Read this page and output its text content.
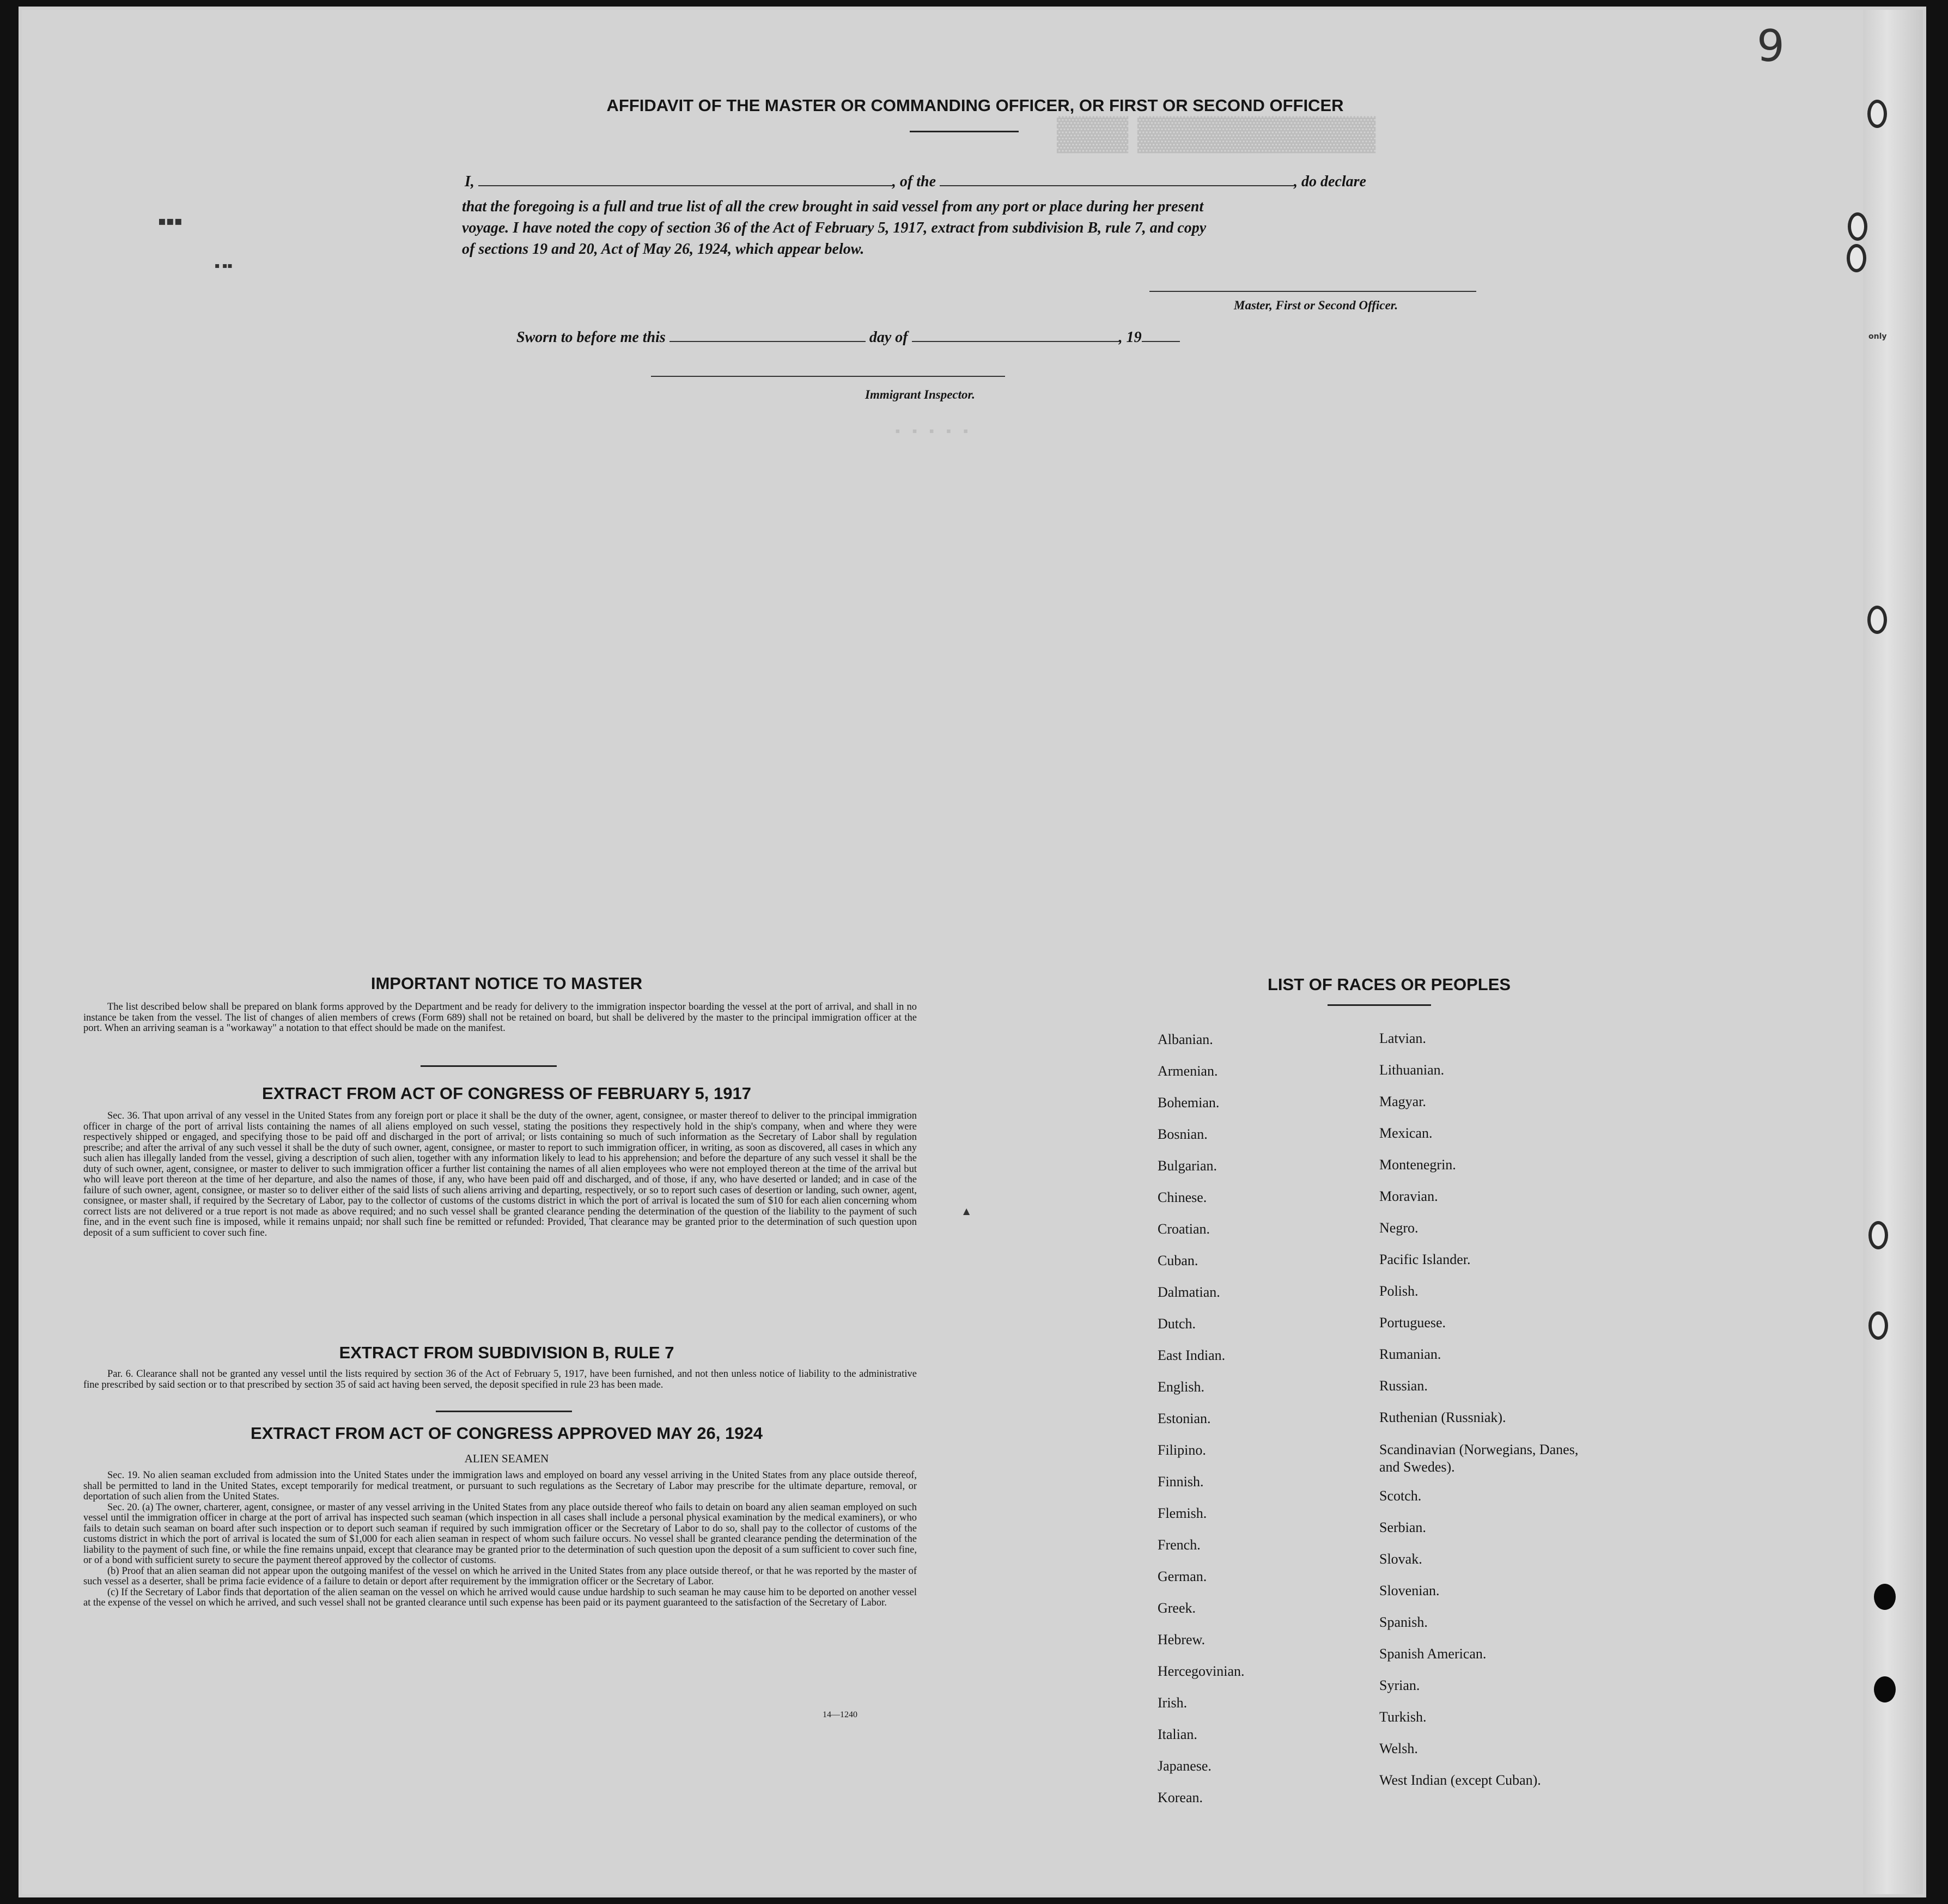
▓▓▓ ▓▓▓▓▓▓▓▓▓▓
▪ ▪ ▪ ▪ ▪
AFFIDAVIT OF THE MASTER OR COMMANDING OFFICER, OR FIRST OR SECOND OFFICER
I,	, of the	, do declare
that the foregoing is a full and true list of all the crew brought in said vessel from any port or place during her present
voyage. I have noted the copy of section 36 of the Act of February 5, 1917, extract from subdivision B, rule 7, and copy
of sections 19 and 20, Act of May 26, 1924, which appear below.
Master, First or Second Officer.
Sworn to before me this	day of	, 19
Immigrant Inspector.
IMPORTANT NOTICE TO MASTER

The list described below shall be prepared on blank forms approved by the Department and be ready for delivery to the immigration inspector boarding the vessel at the port of arrival, and shall in no instance be taken from the vessel. The list of changes of alien members of crews (Form 689) shall not be retained on board, but shall be delivered by the master to the principal immigration officer at the port. When an arriving seaman is a "workaway" a notation to that effect should be made on the manifest.

EXTRACT FROM ACT OF CONGRESS OF FEBRUARY 5, 1917

Sec. 36. That upon arrival of any vessel in the United States from any foreign port or place it shall be the duty of the owner, agent, consignee, or master thereof to deliver to the principal immigration officer in charge of the port of arrival lists containing the names of all aliens employed on such vessel, stating the positions they respectively hold in the ship's company, when and where they were respectively shipped or engaged, and specifying those to be paid off and discharged in the port of arrival; or lists containing so much of such information as the Secretary of Labor shall by regulation prescribe; and after the arrival of any such vessel it shall be the duty of such owner, agent, consignee, or master to report to such immigration officer, in writing, as soon as discovered, all cases in which any such alien has illegally landed from the vessel, giving a description of such alien, together with any information likely to lead to his apprehension; and before the departure of any such vessel it shall be the duty of such owner, agent, consignee, or master to deliver to such immigration officer a further list containing the names of all alien employees who were not employed thereon at the time of the arrival but who will leave port thereon at the time of her departure, and also the names of those, if any, who have been paid off and discharged, and of those, if any, who have deserted or landed; and in case of the failure of such owner, agent, consignee, or master so to deliver either of the said lists of such aliens arriving and departing, respectively, or so to report such cases of desertion or landing, such owner, agent, consignee, or master shall, if required by the Secretary of Labor, pay to the collector of customs of the customs district in which the port of arrival is located the sum of $10 for each alien concerning whom correct lists are not delivered or a true report is not made as above required; and no such vessel shall be granted clearance pending the determination of the question of the liability to the payment of such fine, and in the event such fine is imposed, while it remains unpaid; nor shall such fine be remitted or refunded: Provided, That clearance may be granted prior to the determination of such question upon deposit of a sum sufficient to cover such fine.

EXTRACT FROM SUBDIVISION B, RULE 7

Par. 6. Clearance shall not be granted any vessel until the lists required by section 36 of the Act of February 5, 1917, have been furnished, and not then unless notice of liability to the administrative fine prescribed by said section or to that prescribed by section 35 of said act having been served, the deposit specified in rule 23 has been made.

EXTRACT FROM ACT OF CONGRESS APPROVED MAY 26, 1924
ALIEN SEAMEN

Sec. 19. No alien seaman excluded from admission into the United States under the immigration laws and employed on board any vessel arriving in the United States from any place outside thereof, shall be permitted to land in the United States, except temporarily for medical treatment, or pursuant to such regulations as the Secretary of Labor may prescribe for the ultimate departure, removal, or deportation of such alien from the United States.

Sec. 20. (a) The owner, charterer, agent, consignee, or master of any vessel arriving in the United States from any place outside thereof who fails to detain on board any alien seaman employed on such vessel until the immigration officer in charge at the port of arrival has inspected such seaman (which inspection in all cases shall include a personal physical examination by the medical examiners), or who fails to detain such seaman on board after such inspection or to deport such seaman if required by such immigration officer or the Secretary of Labor to do so, shall pay to the collector of customs of the customs district in which the port of arrival is located the sum of $1,000 for each alien seaman in respect of whom such failure occurs. No vessel shall be granted clearance pending the determination of the liability to the payment of such fine, or while the fine remains unpaid, except that clearance may be granted prior to the determination of such question upon the deposit of a sum sufficient to cover such fine, or of a bond with sufficient surety to secure the payment thereof approved by the collector of customs.

(b) Proof that an alien seaman did not appear upon the outgoing manifest of the vessel on which he arrived in the United States from any place outside thereof, or that he was reported by the master of such vessel as a deserter, shall be prima facie evidence of a failure to detain or deport after requirement by the immigration officer or the Secretary of Labor.

(c) If the Secretary of Labor finds that deportation of the alien seaman on the vessel on which he arrived would cause undue hardship to such seaman he may cause him to be deported on another vessel at the expense of the vessel on which he arrived, and such vessel shall not be granted clearance until such expense has been paid or its payment guaranteed to the satisfaction of the Secretary of Labor.

14—1240
LIST OF RACES OR PEOPLES
Albanian.
Armenian.
Bohemian.
Bosnian.
Bulgarian.
Chinese.
Croatian.
Cuban.
Dalmatian.
Dutch.
East Indian.
English.
Estonian.
Filipino.
Finnish.
Flemish.
French.
German.
Greek.
Hebrew.
Hercegovinian.
Irish.
Italian.
Japanese.
Korean.
Latvian.
Lithuanian.
Magyar.
Mexican.
Montenegrin.
Moravian.
Negro.
Pacific Islander.
Polish.
Portuguese.
Rumanian.
Russian.
Ruthenian (Russniak).
Scandinavian (Norwegians, Danes, and Swedes).
Scotch.
Serbian.
Slovak.
Slovenian.
Spanish.
Spanish American.
Syrian.
Turkish.
Welsh.
West Indian (except Cuban).
9
only
▪▪▪
▪ ▪▪
▲
